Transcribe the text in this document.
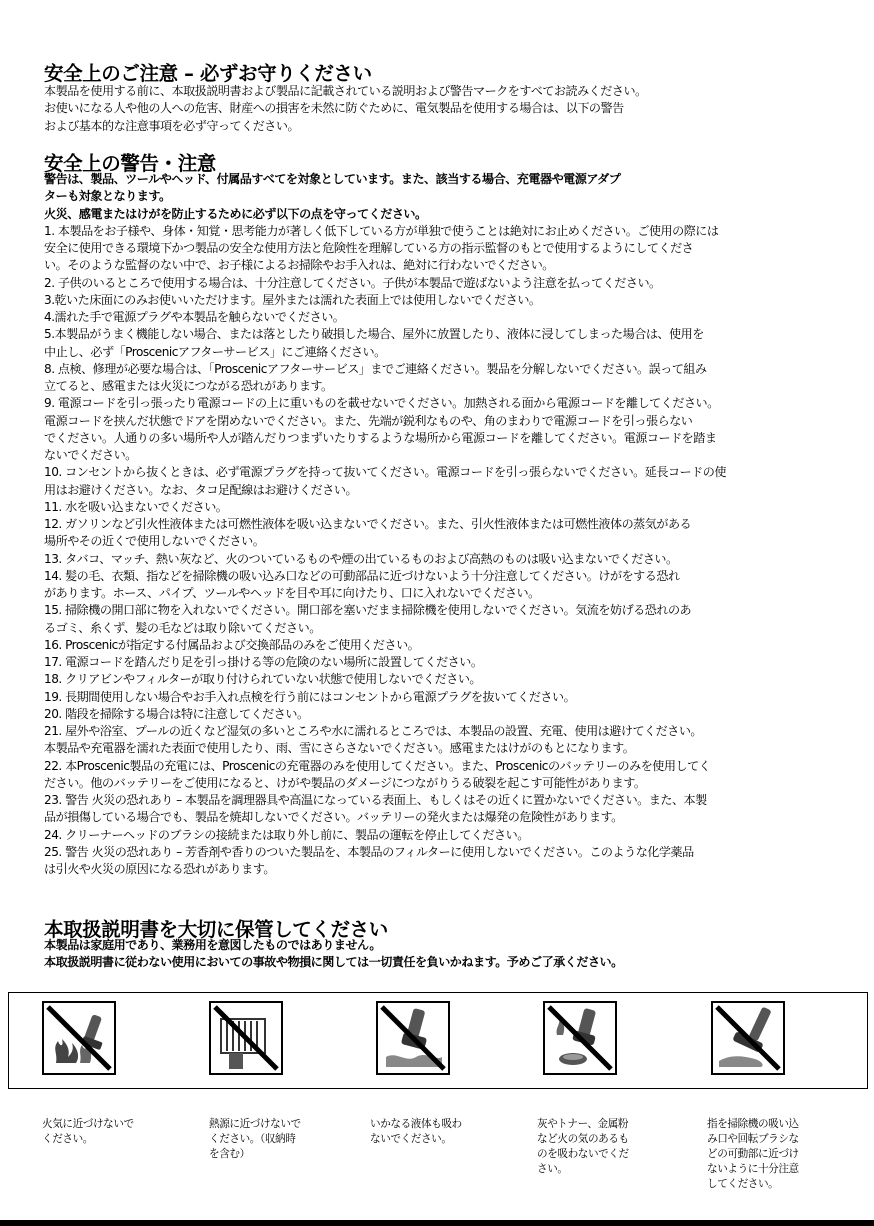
安全上のご注意 – 必ずお守りください
本製品を使用する前に、本取扱説明書および製品に記載されている説明および警告マークをすべてお読みください。
お使いになる人や他の人への危害、財産への損害を未然に防ぐために、電気製品を使用する場合は、以下の警告
および基本的な注意事項を必ず守ってください。
安全上の警告・注意
警告は、製品、ツールやヘッド、付属品すべてを対象としています。また、該当する場合、充電器や電源アダプ
ターも対象となります。
火災、感電またはけがを防止するために必ず以下の点を守ってください。
1. 本製品をお子様や、身体・知覚・思考能力が著しく低下している方が単独で使うことは絶対にお止めください。ご使用の際には
安全に使用できる環境下かつ製品の安全な使用方法と危険性を理解している方の指示監督のもとで使用するようにしてくださ
い。そのような監督のない中で、お子様によるお掃除やお手入れは、絶対に行わないでください。
2. 子供のいるところで使用する場合は、十分注意してください。子供が本製品で遊ばないよう注意を払ってください。
3.乾いた床面にのみお使いいただけます。屋外または濡れた表面上では使用しないでください。
4.濡れた手で電源プラグや本製品を触らないでください。
5.本製品がうまく機能しない場合、または落としたり破損した場合、屋外に放置したり、液体に浸してしまった場合は、使用を
中止し、必ず「Proscenicアフターサービス」にご連絡ください。
8. 点検、修理が必要な場合は、「Proscenicアフターサービス」までご連絡ください。製品を分解しないでください。誤って組み
立てると、感電または火災につながる恐れがあります。
9. 電源コードを引っ張ったり電源コードの上に重いものを載せないでください。加熱される面から電源コードを離してください。
電源コードを挟んだ状態でドアを閉めないでください。また、先端が鋭利なものや、角のまわりで電源コードを引っ張らない
でください。人通りの多い場所や人が踏んだりつまずいたりするような場所から電源コードを離してください。電源コードを踏ま
ないでください。
10. コンセントから抜くときは、必ず電源プラグを持って抜いてください。電源コードを引っ張らないでください。延長コードの使
用はお避けください。なお、タコ足配線はお避けください。
11. 水を吸い込まないでください。
12. ガソリンなど引火性液体または可燃性液体を吸い込まないでください。また、引火性液体または可燃性液体の蒸気がある
場所やその近くで使用しないでください。
13. タバコ、マッチ、熱い灰など、火のついているものや煙の出ているものおよび高熱のものは吸い込まないでください。
14. 髪の毛、衣類、指などを掃除機の吸い込み口などの可動部品に近づけないよう十分注意してください。けがをする恐れ
があります。ホース、パイプ、ツールやヘッドを目や耳に向けたり、口に入れないでください。
15. 掃除機の開口部に物を入れないでください。開口部を塞いだまま掃除機を使用しないでください。気流を妨げる恐れのあ
るゴミ、糸くず、髪の毛などは取り除いてください。
16. Proscenicが指定する付属品および交換部品のみをご使用ください。
17. 電源コードを踏んだり足を引っ掛ける等の危険のない場所に設置してください。
18. クリアビンやフィルターが取り付けられていない状態で使用しないでください。
19. 長期間使用しない場合やお手入れ点検を行う前にはコンセントから電源プラグを抜いてください。
20. 階段を掃除する場合は特に注意してください。
21. 屋外や浴室、プールの近くなど湿気の多いところや水に濡れるところでは、本製品の設置、充電、使用は避けてください。
本製品や充電器を濡れた表面で使用したり、雨、雪にさらさないでください。感電またはけがのもとになります。
22. 本Proscenic製品の充電には、Proscenicの充電器のみを使用してください。また、Proscenicのバッテリーのみを使用してく
ださい。他のバッテリーをご使用になると、けがや製品のダメージにつながりうる破裂を起こす可能性があります。
23. 警告 火災の恐れあり – 本製品を調理器具や高温になっている表面上、もしくはその近くに置かないでください。また、本製
品が損傷している場合でも、製品を焼却しないでください。バッテリーの発火または爆発の危険性があります。
24. クリーナーヘッドのブラシの接続または取り外し前に、製品の運転を停止してください。
25. 警告 火災の恐れあり – 芳香剤や香りのついた製品を、本製品のフィルターに使用しないでください。このような化学薬品
は引火や火災の原因になる恐れがあります。
本取扱説明書を大切に保管してください
本製品は家庭用であり、業務用を意図したものではありません。
本取扱説明書に従わない使用においての事故や物損に関しては一切責任を負いかねます。予めご了承ください。
火気に近づけないで
ください。
熱源に近づけないで
ください。（収納時
を含む）
いかなる液体も吸わ
ないでください。
灰やトナー、金属粉
など火の気のあるも
のを吸わないでくだ
さい。
指を掃除機の吸い込
み口や回転ブラシな
どの可動部に近づけ
ないように十分注意
してください。
